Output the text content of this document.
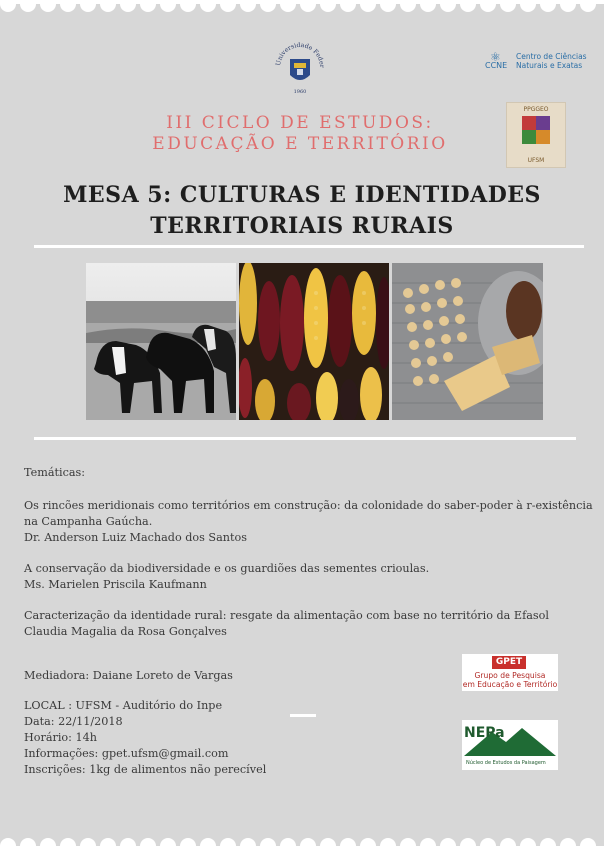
Universidade Feder
1960
⚛
CCNE
Centro de Ciências
Naturais e Exatas
III CICLO DE ESTUDOS:
EDUCAÇÃO E TERRITÓRIO
PPGGEO
UFSM
MESA 5: CULTURAS E IDENTIDADES
TERRITORIAIS RURAIS
Temáticas:
Os rincões meridionais como territórios em construção: da colonidade do saber-poder à r-existência
na Campanha Gaúcha.
Dr. Anderson Luiz Machado dos Santos
A conservação da biodiversidade e os guardiões das sementes crioulas.
Ms. Marielen Priscila Kaufmann
Caracterização da identidade rural: resgate da alimentação com base no território da Efasol
Claudia Magalia da Rosa Gonçalves
Mediadora: Daiane Loreto de Vargas
LOCAL : UFSM - Auditório do Inpe
Data: 22/11/2018
Horário: 14h
Informações: gpet.ufsm@gmail.com
Inscrições: 1kg de alimentos não perecível
GPET
Grupo de Pesquisa
em Educação e Território
NEPa
Núcleo de Estudos da Paisagem
